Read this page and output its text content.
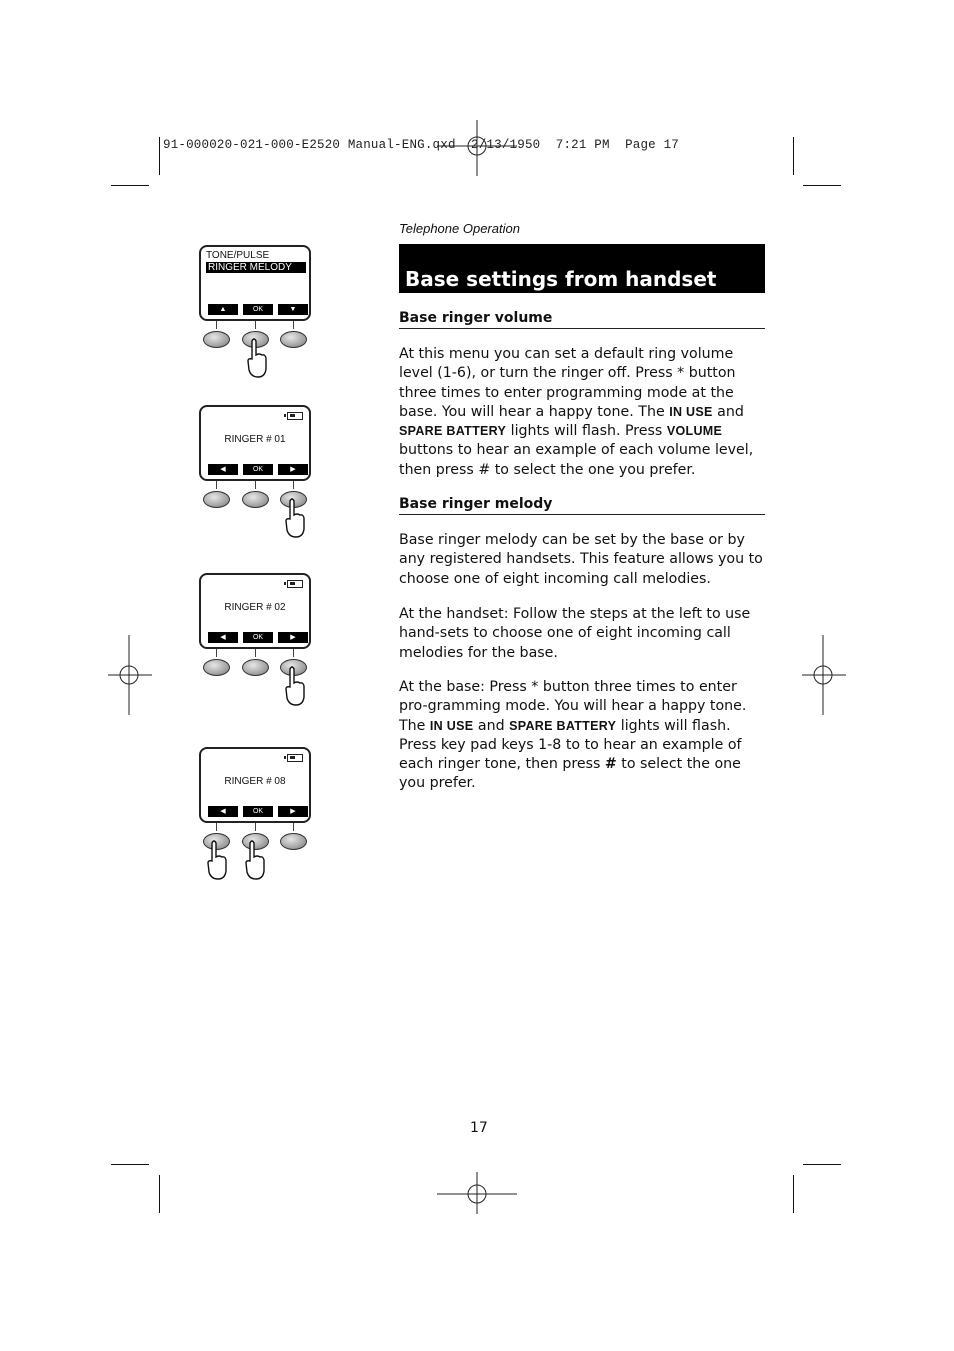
91-000020-021-000-E2520 Manual-ENG.qxd  2/13/1950  7:21 PM  Page 17
Telephone Operation
Base settings from handset
Base ringer volume
At this menu you can set a default ring volume level (1-6), or turn the ringer off. Press * button three times to enter programming mode at the base. You will hear a happy tone. The IN USE and SPARE BATTERY lights will flash. Press VOLUME buttons to hear an example of each volume level, then press # to select the one you prefer.
Base ringer melody
Base ringer melody can be set by the base or by any registered handsets. This feature allows you to choose one of eight incoming call melodies.
At the handset: Follow the steps at the left to use hand-sets to choose one of eight incoming call melodies for the base.
At the base: Press * button three times to enter pro-gramming mode. You will hear a happy tone. The IN USE and SPARE BATTERY lights will flash. Press key pad keys 1-8 to to hear an example of each ringer tone, then press # to select the one you prefer.
TONE/PULSE
RINGER MELODY
▲	OK	▼
RINGER # 01
◀	OK	▶
RINGER # 02
◀	OK	▶
RINGER # 08
◀	OK	▶
17
